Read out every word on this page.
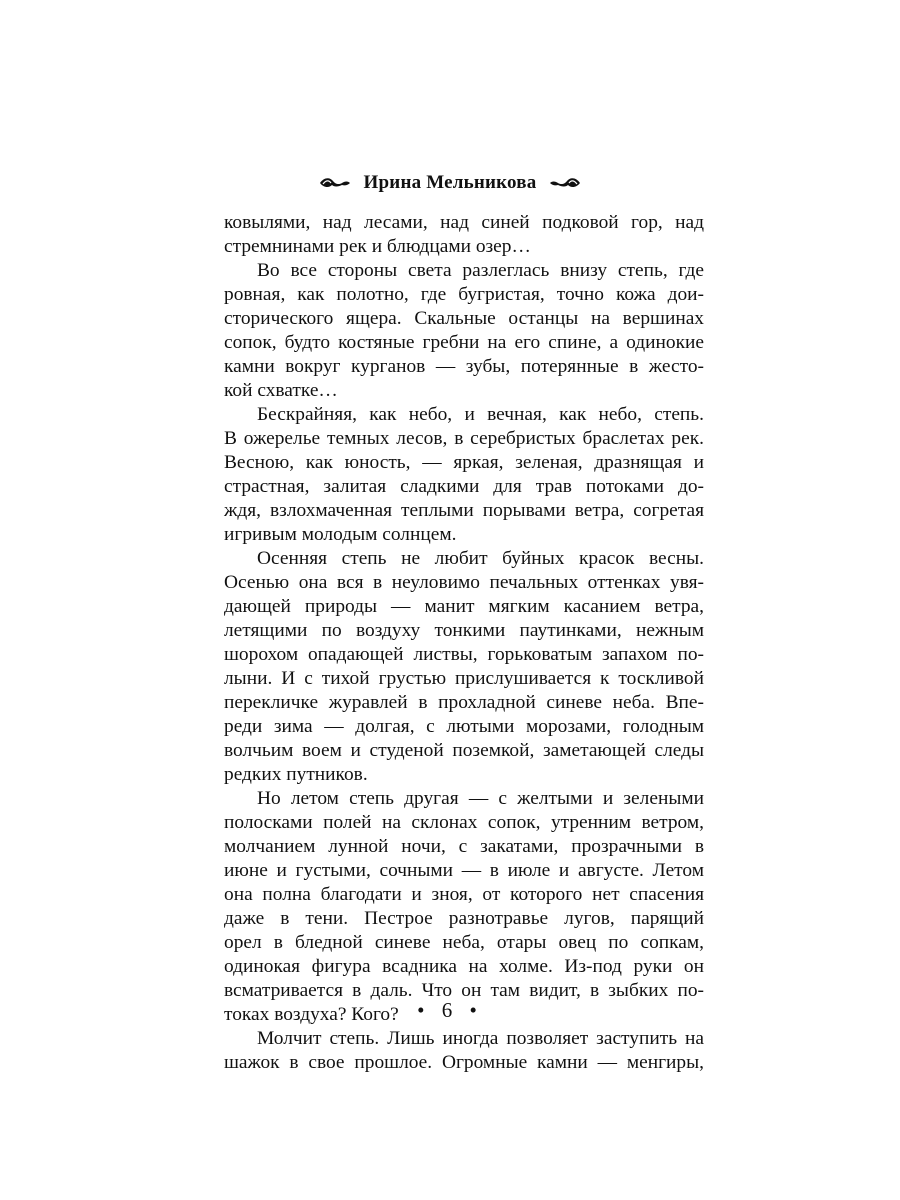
Ирина Мельникова
ковылями, над лесами, над синей подковой гор, над
стремнинами рек и блюдцами озер…
Во все стороны света разлеглась внизу степь, где
ровная, как полотно, где бугристая, точно кожа дои-
сторического ящера. Скальные останцы на вершинах
сопок, будто костяные гребни на его спине, а одинокие
камни вокруг курганов — зубы, потерянные в жесто-
кой схватке…
Бескрайняя, как небо, и вечная, как небо, степь.
В ожерелье темных лесов, в серебристых браслетах рек.
Весною, как юность, — яркая, зеленая, дразнящая и
страстная, залитая сладкими для трав потоками до-
ждя, взлохмаченная теплыми порывами ветра, согретая
игривым молодым солнцем.
Осенняя степь не любит буйных красок весны.
Осенью она вся в неуловимо печальных оттенках увя-
дающей природы — манит мягким касанием ветра,
летящими по воздуху тонкими паутинками, нежным
шорохом опадающей листвы, горьковатым запахом по-
лыни. И с тихой грустью прислушивается к тоскливой
перекличке журавлей в прохладной синеве неба. Впе-
реди зима — долгая, с лютыми морозами, голодным
волчьим воем и студеной поземкой, заметающей следы
редких путников.
Но летом степь другая — с желтыми и зелеными
полосками полей на склонах сопок, утренним ветром,
молчанием лунной ночи, с закатами, прозрачными в
июне и густыми, сочными — в июле и августе. Летом
она полна благодати и зноя, от которого нет спасения
даже в тени. Пестрое разнотравье лугов, парящий
орел в бледной синеве неба, отары овец по сопкам,
одинокая фигура всадника на холме. Из-под руки он
всматривается в даль. Что он там видит, в зыбких по-
токах воздуха? Кого?
Молчит степь. Лишь иногда позволяет заступить на
шажок в свое прошлое. Огромные камни — менгиры,
• 6 •
